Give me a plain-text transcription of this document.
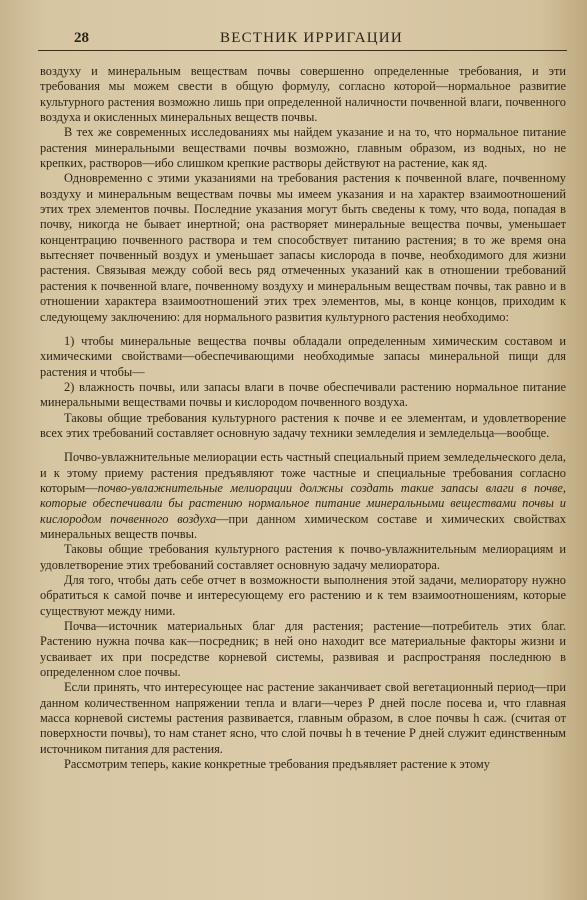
28	ВЕСТНИК ИРРИГАЦИИ

воздуху и минеральным веществам почвы совершенно определенные требования, и эти требования мы можем свести в общую формулу, согласно которой—нормальное развитие культурного растения возможно лишь при определенной наличности почвенной влаги, почвенного воздуха и окисленных минеральных веществ почвы.

В тех же современных исследованиях мы найдем указание и на то, что нормальное питание растения минеральными веществами почвы возможно, главным образом, из водных, но не крепких, растворов—ибо слишком крепкие растворы действуют на растение, как яд.

Одновременно с этими указаниями на требования растения к почвенной влаге, почвенному воздуху и минеральным веществам почвы мы имеем указания и на характер взаимоотношений этих трех элементов почвы. Последние указания могут быть сведены к тому, что вода, попадая в почву, никогда не бывает инертной; она растворяет минеральные вещества почвы, уменьшает концентрацию почвенного раствора и тем способствует питанию растения; в то же время она вытесняет почвенный воздух и уменьшает запасы кислорода в почве, необходимого для жизни растения. Связывая между собой весь ряд отмеченных указаний как в отношении требований растения к почвенной влаге, почвенному воздуху и минеральным веществам почвы, так равно и в отношении характера взаимоотношений этих трех элементов, мы, в конце концов, приходим к следующему заключению: для нормального развития культурного растения необходимо:

1) чтобы минеральные вещества почвы обладали определенным химическим составом и химическими свойствами—обеспечивающими необходимые запасы минеральной пищи для растения и чтобы—

2) влажность почвы, или запасы влаги в почве обеспечивали растению нормальное питание минеральными веществами почвы и кислородом почвенного воздуха.

Таковы общие требования культурного растения к почве и ее элементам, и удовлетворение всех этих требований составляет основную задачу техники земледелия и земледельца—вообще.

Почво-увлажнительные мелиорации есть частный специальный прием земледельческого дела, и к этому приему растения предъявляют тоже частные и специальные требования согласно которым—почво-увлажнительные мелиорации должны создать такие запасы влаги в почве, которые обеспечивали бы растению нормальное питание минеральными веществами почвы и кислородом почвенного воздуха—при данном химическом составе и химических свойствах минеральных веществ почвы.

Таковы общие требования культурного растения к почво-увлажнительным мелиорациям и удовлетворение этих требований составляет основную задачу мелиоратора.

Для того, чтобы дать себе отчет в возможности выполнения этой задачи, мелиоратору нужно обратиться к самой почве и интересующему его растению и к тем взаимоотношениям, которые существуют между ними.

Почва—источник материальных благ для растения; растение—потребитель этих благ. Растению нужна почва как—посредник; в ней оно находит все материальные факторы жизни и усваивает их при посредстве корневой системы, развивая и распространяя последнюю в определенном слое почвы.

Если принять, что интересующее нас растение заканчивает свой вегетационный период—при данном количественном напряжении тепла и влаги—через Р дней после посева и, что главная масса корневой системы растения развивается, главным образом, в слое почвы h саж. (считая от поверхности почвы), то нам станет ясно, что слой почвы h в течение Р дней служит единственным источником питания для растения.

Рассмотрим теперь, какие конкретные требования предъявляет растение к этому
